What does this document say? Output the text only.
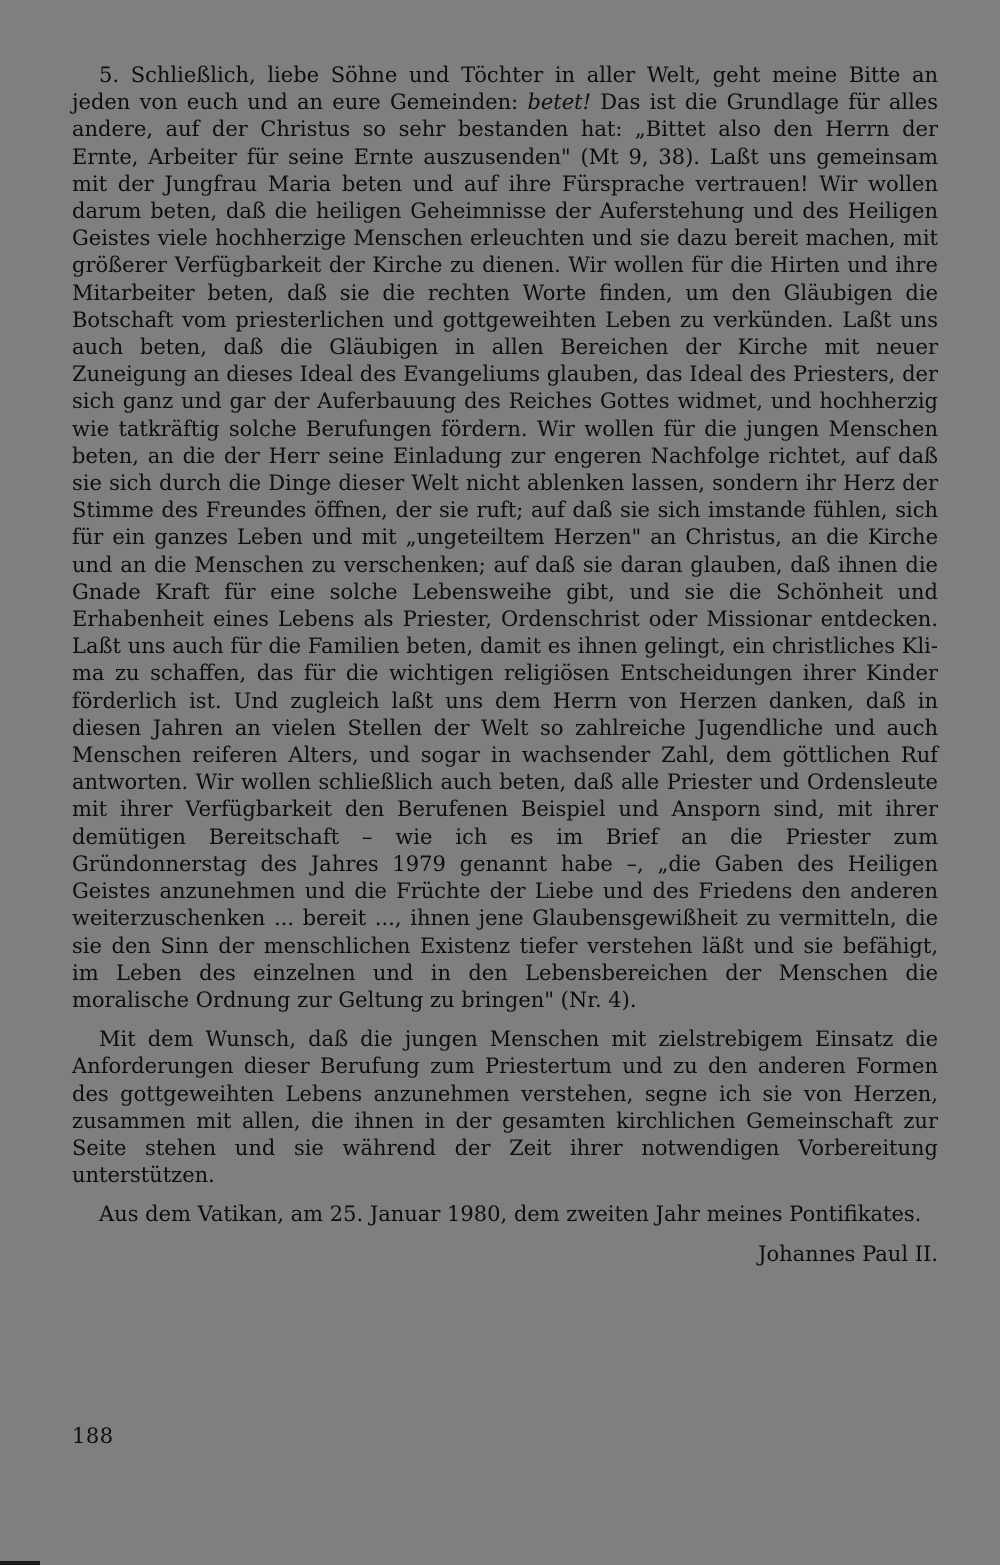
5. Schließlich, liebe Söhne und Töchter in aller Welt, geht meine Bitte an jeden von euch und an eure Gemeinden: betet! Das ist die Grundlage für alles andere, auf der Christus so sehr bestanden hat: „Bittet also den Herrn der Ernte, Arbeiter für seine Ernte auszusenden" (Mt 9, 38). Laßt uns gemeinsam mit der Jungfrau Maria beten und auf ihre Fürsprache vertrauen! Wir wollen darum beten, daß die heiligen Geheimnisse der Auferstehung und des Heiligen Geistes viele hochherzige Menschen erleuchten und sie dazu bereit machen, mit größerer Verfügbarkeit der Kirche zu dienen. Wir wollen für die Hirten und ihre Mitarbeiter beten, daß sie die rechten Worte finden, um den Gläubigen die Botschaft vom priesterlichen und gottgeweihten Leben zu verkünden. Laßt uns auch beten, daß die Gläubigen in allen Bereichen der Kirche mit neuer Zuneigung an dieses Ideal des Evangeliums glauben, das Ideal des Priesters, der sich ganz und gar der Auferbauung des Reiches Gottes widmet, und hochherzig wie tatkräftig solche Berufungen fördern. Wir wollen für die jungen Menschen beten, an die der Herr seine Einladung zur engeren Nachfolge richtet, auf daß sie sich durch die Dinge dieser Welt nicht ablenken lassen, sondern ihr Herz der Stimme des Freundes öffnen, der sie ruft; auf daß sie sich imstande fühlen, sich für ein ganzes Leben und mit „ungeteiltem Herzen" an Christus, an die Kirche und an die Menschen zu verschenken; auf daß sie daran glauben, daß ihnen die Gnade Kraft für eine solche Lebensweihe gibt, und sie die Schönheit und Erhabenheit eines Lebens als Priester, Ordenschrist oder Missionar entdecken. Laßt uns auch für die Familien beten, damit es ihnen gelingt, ein christliches Klima zu schaffen, das für die wichtigen religiösen Entscheidungen ihrer Kinder förderlich ist. Und zugleich laßt uns dem Herrn von Herzen danken, daß in diesen Jahren an vielen Stellen der Welt so zahlreiche Jugendliche und auch Menschen reiferen Alters, und sogar in wachsender Zahl, dem göttlichen Ruf antworten. Wir wollen schließlich auch beten, daß alle Priester und Ordensleute mit ihrer Verfügbarkeit den Berufenen Beispiel und Ansporn sind, mit ihrer demütigen Bereitschaft – wie ich es im Brief an die Priester zum Gründonnerstag des Jahres 1979 genannt habe –, „die Gaben des Heiligen Geistes anzunehmen und die Früchte der Liebe und des Friedens den anderen weiterzuschenken ... bereit ..., ihnen jene Glaubensgewißheit zu vermitteln, die sie den Sinn der menschlichen Existenz tiefer verstehen läßt und sie befähigt, im Leben des einzelnen und in den Lebensbereichen der Menschen die moralische Ordnung zur Geltung zu bringen" (Nr. 4).

Mit dem Wunsch, daß die jungen Menschen mit zielstrebigem Einsatz die Anforderungen dieser Berufung zum Priestertum und zu den anderen Formen des gottgeweihten Lebens anzunehmen verstehen, segne ich sie von Herzen, zusammen mit allen, die ihnen in der gesamten kirchlichen Gemeinschaft zur Seite stehen und sie während der Zeit ihrer notwendigen Vorbereitung unterstützen.

Aus dem Vatikan, am 25. Januar 1980, dem zweiten Jahr meines Pontifikates.

Johannes Paul II.

188
